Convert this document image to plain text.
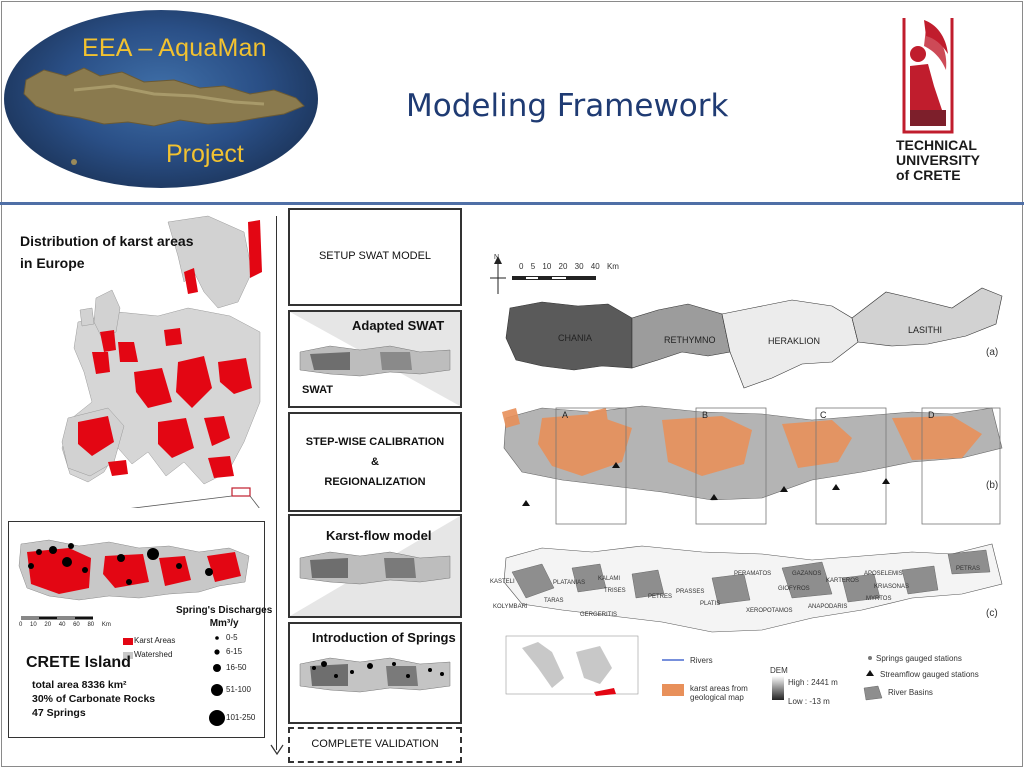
EEA – AquaMan
Project
Modeling Framework
TECHNICAL
UNIVERSITY
of CRETE
Distribution of karst areas
in Europe
0 10 20 40 60 80 Km
Karst Areas
Watershed
Spring's Discharges
Mm³/y
0-5
6-15
16-50
51-100
101-250
CRETE Island
total area 8336 km²
30% of Carbonate Rocks
47 Springs
SETUP SWAT MODEL
Adapted SWAT
SWAT
STEP-WISE CALIBRATION
&
REGIONALIZATION
Karst-flow model
Introduction of Springs
COMPLETE VALIDATION
0 5 10 20 30 40 Km
N
CHANIA	RETHYMNO	HERAKLION
LASITHI
(a)
(b)
(c)
A	B	C	D
KASTELI
KOLYMBARI
PLATANIAS
KALAMI
TRISES
PETRES
PRASSES
PLATIS
PERAMATOS	GAZANOS
GIOFYROS
KARTEROS
APOSELEMIS
XEROPOTAMOS
KRIASONAS
ANAPODARIS
GERGERITIS
MYRTOS
PETRAS
TARAS
Rivers
karst areas from geological map
DEM
High : 2441 m
Low : -13 m
Springs gauged stations
Streamflow gauged stations
River Basins
